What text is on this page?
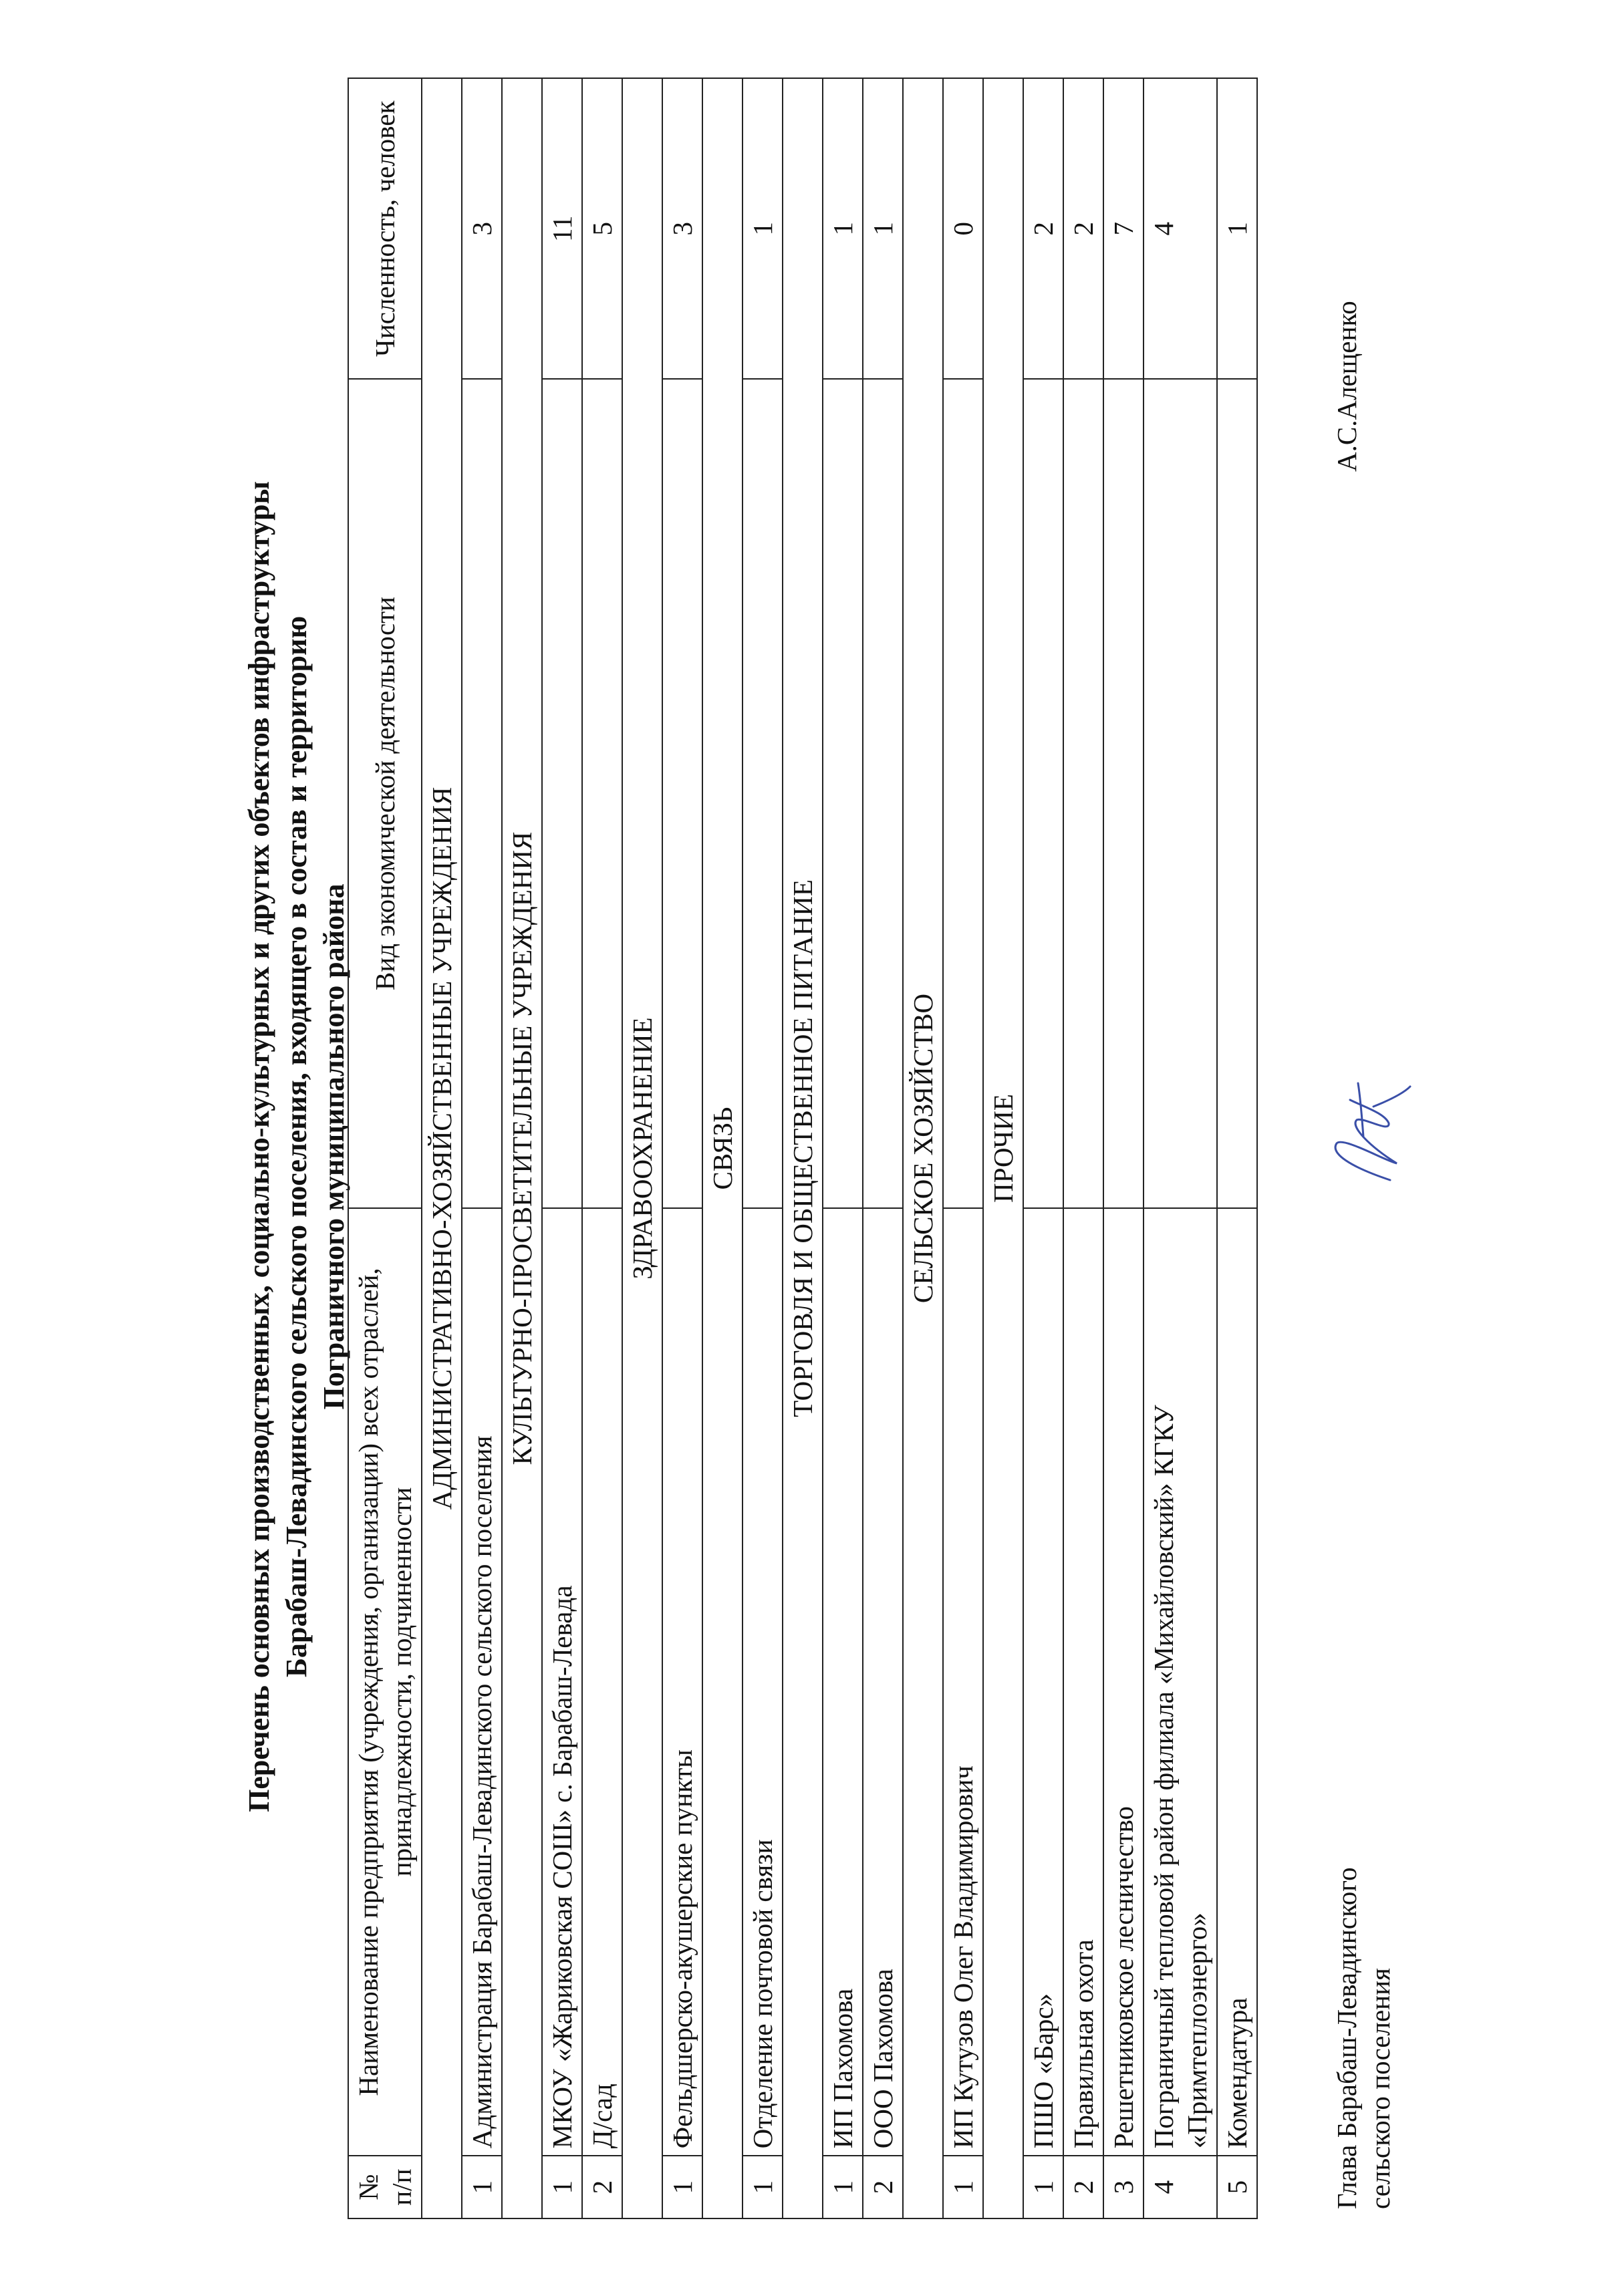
Перечень основных производственных, социально-культурных и других объектов инфраструктуры Барабаш-Левадинского сельского поселения, входящего в состав и территорию Пограничного муниципального района
№ п/п	Наименование предприятия (учреждения, организации) всех отраслей, принадлежности, подчиненности	Вид экономической деятельности	Численность, человек
АДМИНИСТРАТИВНО-ХОЗЯЙСТВЕННЫЕ УЧРЕЖДЕНИЯ			
1	Администрация Барабаш-Левадинского сельского поселения		3
КУЛЬТУРНО-ПРОСВЕТИТЕЛЬНЫЕ УЧРЕЖДЕНИЯ			
1	МКОУ «Жариковская СОШ» с. Барабаш-Левада		11
2	Д/сад		5
ЗДРАВООХРАНЕНИЕ			
1	Фельдшерско-акушерские пункты		3
СВЯЗЬ			
1	Отделение почтовой связи		1
ТОРГОВЛЯ И ОБЩЕСТВЕННОЕ ПИТАНИЕ			
1	ИП Пахомова		1
2	ООО Пахомова		1
СЕЛЬСКОЕ ХОЗЯЙСТВО			
1	ИП Кутузов Олег Владимирович		0
ПРОЧИЕ			
1	ПШО «Барс»		2
2	Правильная охота		2
3	Решетниковское лесничество		7
4	Пограничный тепловой район филиала «Михайловский» КГКУ «Примтеплоэнерго»		4
5	Комендатура		1
Глава Барабаш-Левадинского сельского поселения
А.С.Алещенко
